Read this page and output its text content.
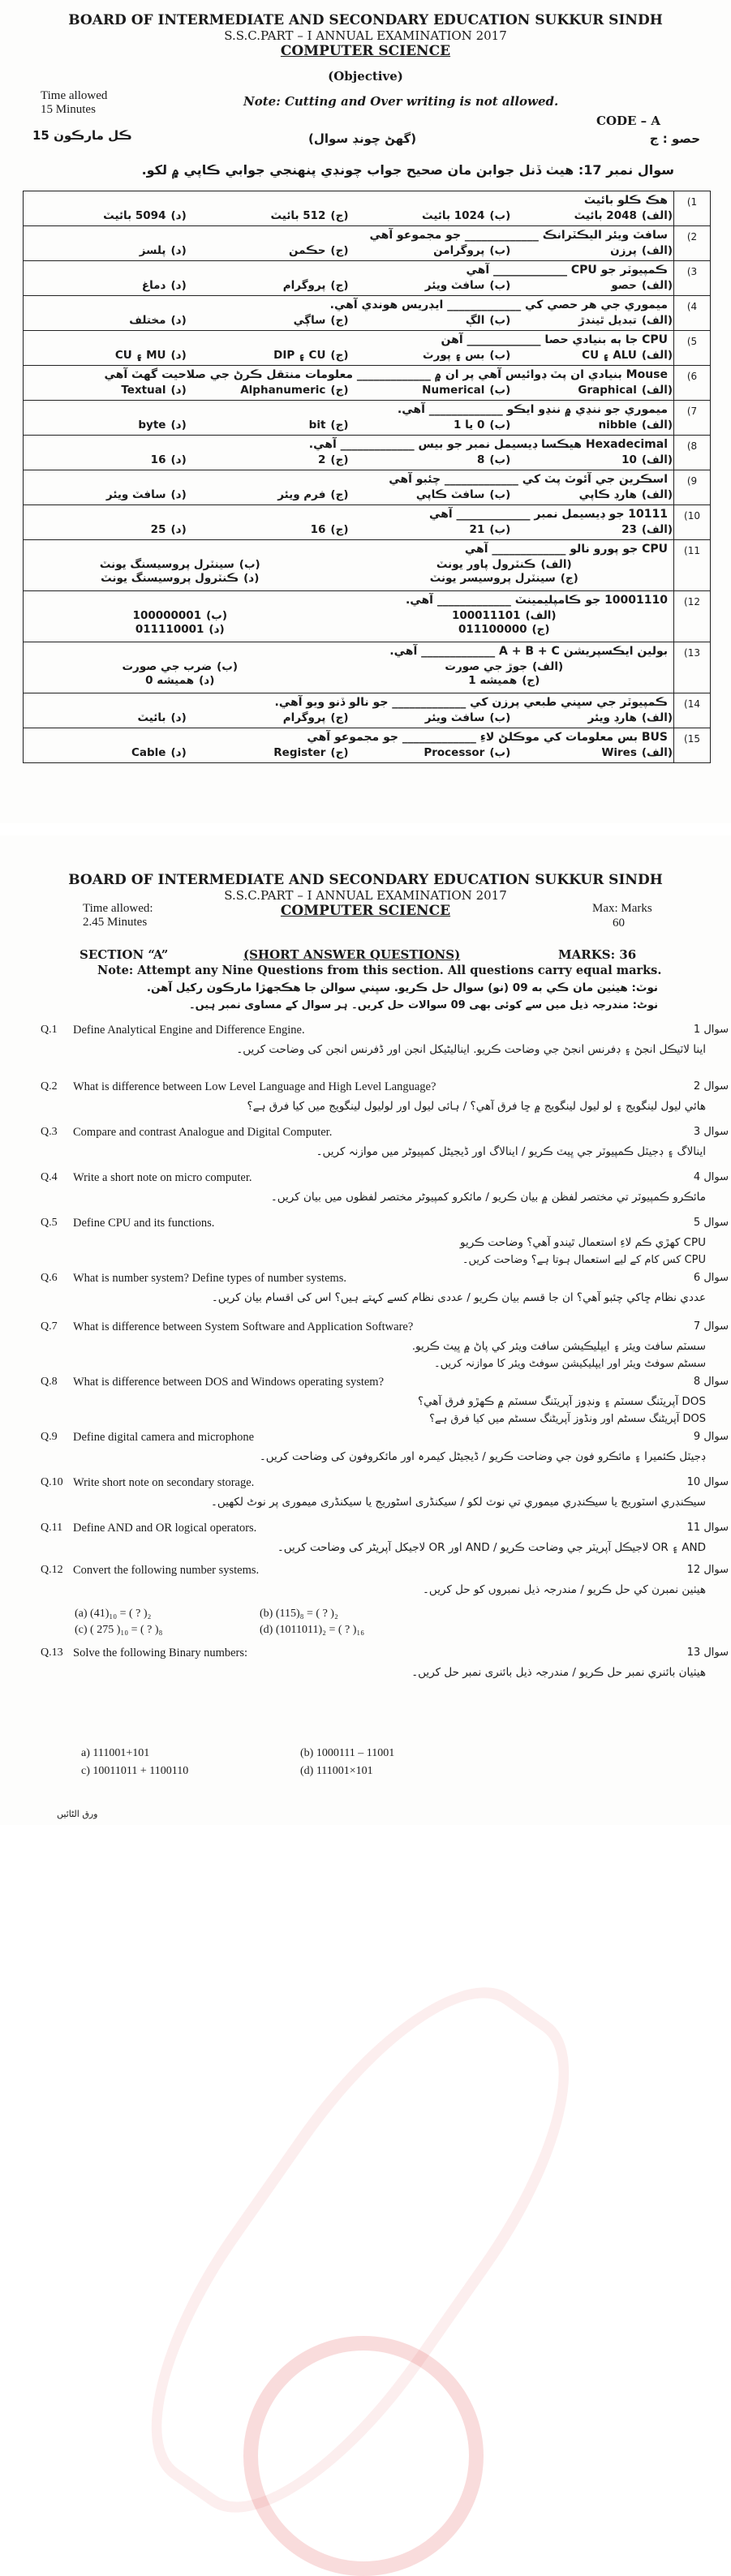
BOARD OF INTERMEDIATE AND SECONDARY EDUCATION SUKKUR SINDH
S.S.C.PART – I ANNUAL EXAMINATION 2017
COMPUTER SCIENCE
(Objective)
Time allowed
15 Minutes
Note: Cutting and Over writing is not allowed.
CODE – A
ڪل مارڪون 15	(گهڻ چونڊ سوال)	حصو : ج
سوال نمبر 17: هيٺ ڏنل جوابن مان صحيح جواب چونڊي پنهنجي جوابي ڪاپي ۾ لکو.
هڪ ڪلو بائيٽ
(الف)2048 بائيٽ
(ب)1024 بائيٽ
(ج)512 بائيٽ
(د)5094 بائيٽ	(1

سافٽ ويئر اليڪٽرانڪ _____________ جو مجموعو آهي
(الف)پرزن
(ب)پروگرامن
(ج)حڪمن
(د)پلسز	(2

ڪمپيوٽر جو CPU _____________ آهي
(الف)حصو
(ب)سافٽ ويئر
(ج)پروگرام
(د)دماغ	(3

ميموري جي هر حصي کي _____________ ايڊريس هوندي آهي.
(الف)تبديل ٿيندڙ
(ب)الڳ
(ج)ساڳي
(د)مختلف	(4

CPU جا ٻه بنيادي حصا _____________ آهن
(الف)ALU ۽ CU
(ب)بس ۽ پورٽ
(ج)CU ۽ DIP
(د)MU ۽ CU	(5

Mouse بنيادي ان پٽ ڊوائيس آهي پر ان ۾ _____________ معلومات منتقل ڪرڻ جي صلاحيت گهٽ آهي
(الف)Graphical
(ب)Numerical
(ج)Alphanumeric
(د)Textual	(6

ميموري جو ننڍي ۾ ننڍو ايڪو _____________ آهي.
(الف)nibble
(ب)0 يا 1
(ج)bit
(د)byte	(7

Hexadecimal هيڪسا ڊيسيمل نمبر جو بيس _____________ آهي.
(الف)10
(ب)8
(ج)2
(د)16	(8

اسڪرين جي آئوٽ پٽ کي _____________ چئبو آهي
(الف)هارڊ ڪاپي
(ب)سافٽ ڪاپي
(ج)فرم ويئر
(د)سافٽ ويئر	(9

10111 جو ڊيسيمل نمبر _____________ آهي
(الف)23
(ب)21
(ج)16
(د)25	(10

CPU جو پورو نالو _____________ آهي
(الف)ڪنٽرول پاور يونٽ
(ب)سينٽرل پروسيسنگ يونٽ
(ج)سينٽرل پروسيسر يونٽ
(د)ڪنٽرول پروسيسنگ يونٽ	(11

10001110 جو ڪامپليمينٽ _____________ آهي.
(الف)100011101
(ب)100000001
(ج)011100000
(د)011110001	(12

بولين ايڪسپريشن A + B + C _____________ آهي.
(الف)جوڙ جي صورت
(ب)ضرب جي صورت
(ج)هميشه 1
(د)هميشه 0	(13

ڪمپيوٽر جي سڀني طبعي پرزن کي _____________ جو نالو ڏنو ويو آهي.
(الف)هارڊ ويئر
(ب)سافٽ ويئر
(ج)پروگرام
(د)بائيٽ	(14

BUS بس معلومات کي موڪلڻ لاءِ _____________ جو مجموعو آهي
(الف)Wires
(ب)Processor
(ج)Register
(د)Cable	(15
BOARD OF INTERMEDIATE AND SECONDARY EDUCATION SUKKUR SINDH
S.S.C.PART – I ANNUAL EXAMINATION 2017
COMPUTER SCIENCE
Time allowed:
2.45 Minutes
Max: Marks
60
SECTION “A”	(SHORT ANSWER QUESTIONS)	MARKS: 36
Note: Attempt any Nine Questions from this section. All questions carry equal marks.
نوٽ: هيٺين مان ڪي به 09 (نو) سوال حل ڪريو. سڀني سوالن جا هڪجهڙا مارڪون رکيل آهن.
نوٹ: مندرجہ ذیل میں سے کوئی بھی 09 سوالات حل کریں۔ ہر سوال کے مساوی نمبر ہیں۔
Q.1 Define Analytical Engine and Difference Engine.
اينا لاٽيڪل انجڻ ۽ ڊفرنس انجڻ جي وضاحت ڪريو. اینالیٹیکل انجن اور ڈفرنس انجن کی وضاحت کریں۔
سوال 1
Q.2 What is difference between Low Level Language and High Level Language?
هائي ليول لينگويج ۽ لو ليول لينگويج ۾ ڇا فرق آهي؟ / ہائی لیول اور لولیول لینگویج میں کیا فرق ہے؟
سوال 2
Q.3 Compare and contrast Analogue and Digital Computer.
اينالاگ ۽ ڊجيٽل ڪمپيوٽر جي ڀيٽ ڪريو / اینالاگ اور ڈیجیٹل کمپیوٹر میں موازنہ کریں۔
سوال 3
Q.4 Write a short note on micro computer.
مائڪرو ڪمپيوٽر تي مختصر لفظن ۾ بيان ڪريو / مائکرو کمپیوٹر مختصر لفظوں میں بیان کریں۔
سوال 4
Q.5 Define CPU and its functions.
CPU کهڙي ڪم لاءِ استعمال ٿيندو آهي؟ وضاحت ڪريو
CPU کس کام کے لیے استعمال ہوتا ہے؟ وضاحت کریں۔
سوال 5
Q.6 What is number system? Define types of number systems.
عددي نظام ڇاکي چئبو آهي؟ ان جا قسم بيان ڪريو / عددی نظام کسے کہتے ہیں؟ اس کی اقسام بیان کریں۔
سوال 6
Q.7 What is difference between System Software and Application Software?
سسٽم سافٽ ويئر ۽ ايپليڪيشن سافٽ ويئر کي پاڻ ۾ ڀيٽ ڪريو.
سسٹم سوفٹ ویئر اور ایپلیکیشن سوفٹ ویئر کا موازنہ کریں۔
سوال 7
Q.8 What is difference between DOS and Windows operating system?
DOS آپريٽنگ سسٽم ۽ ونڊوز آپريٽنگ سسٽم ۾ ڪهڙو فرق آهي؟
DOS آپریٹنگ سسٹم اور ونڈوز آپریٹنگ سسٹم میں کیا فرق ہے؟
سوال 8
Q.9 Define digital camera and microphone
ڊجيٽل ڪئميرا ۽ مائڪرو فون جي وضاحت ڪريو / ڈیجیٹل کیمرہ اور مائکروفون کی وضاحت کریں۔
سوال 9
Q.10 Write short note on secondary storage.
سيڪنڊري اسٽوريج يا سيڪنڊري ميموري تي نوٽ لکو / سیکنڈری اسٹوریج یا سیکنڈری میموری پر نوٹ لکھیں۔
سوال 10
Q.11 Define AND and OR logical operators.
AND ۽ OR لاجيڪل آپريٽر جي وضاحت ڪريو / AND اور OR لاجیکل آپریٹر کی وضاحت کریں۔
سوال 11
Q.12 Convert the following number systems.
هيٺين نمبرن کي حل ڪريو / مندرجہ ذیل نمبروں کو حل کریں۔
سوال 12
Q.13 Solve the following Binary numbers:
هيٺيان بائنري نمبر حل ڪريو / مندرجہ ذیل بائنری نمبر حل کریں۔
سوال 13
ورق الٹائیں
(a) (41)₁₀ = ( ? )₂	(b) (115)₈ = ( ? )₂
(c) ( 275 )₁₀ = ( ? )₈	(d) (1011011)₂ = ( ? )₁₆
a) 111001+101	(b) 1000111 – 11001
c) 10011011 + 1100110	(d) 111001×101
